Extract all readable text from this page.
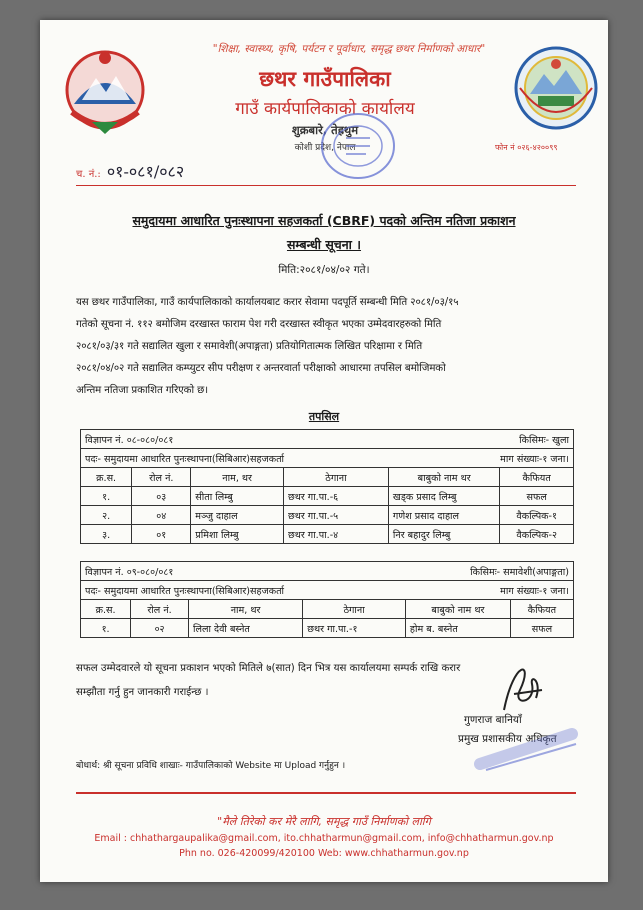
"शिक्षा, स्वास्थ्य, कृषि, पर्यटन र पूर्वाधार, समृद्ध छथर निर्माणको आधार"
छथर गाउँपालिका
गाउँ कार्यपालिकाको कार्यालय
शुक्रबारे, तेह्रथुम
कोशी प्रदेश, नेपाल	फोन नं ०२६-४२००९९
च. नं.: ०१-०८१/०८२
समुदायमा आधारित पुनःस्थापना सहजकर्ता (CBRF) पदको अन्तिम नतिजा प्रकाशन
सम्बन्धी सूचना ।
मिति:२०८१/०४/०२ गते।
यस छथर गाउँपालिका, गाउँ कार्यपालिकाको कार्यालयबाट करार सेवामा पदपूर्ति सम्बन्धी मिति २०८१/०३/१५
गतेको सूचना नं. ११२ बमोजिम दरखास्त फाराम पेश गरी दरखास्त स्वीकृत भएका उम्मेदवारहरुको मिति
२०८१/०३/३१ गते सद्यालित खुला र समावेशी(अपाङ्गता) प्रतियोगितात्मक लिखित परिक्षामा र मिति
२०८१/०४/०२ गते सद्यालित कम्प्युटर सीप परीक्षण र अन्तरवार्ता परीक्षाको आधारमा तपसिल बमोजिमको
अन्तिम नतिजा प्रकाशित गरिएको छ।
तपसिल
विज्ञापन नं. ०८-०८०/०८१				किसिमः- खुला	
पदः- समुदायमा आधारित पुनःस्थापना(सिबिआर)सहजकर्ता				माग संख्याः-१ जना।	
क्र.स.	रोल नं.	नाम, थर	ठेगाना	बाबुको नाम थर	कैफियत
१.	०३	सीता लिम्बु	छथर गा.पा.-६	खड्क प्रसाद लिम्बु	सफल
२.	०४	मञ्जु दाहाल	छथर गा.पा.-५	गणेश प्रसाद दाहाल	वैकल्पिक-१
३.	०१	प्रमिशा लिम्बु	छथर गा.पा.-४	निर बहादुर लिम्बु	वैकल्पिक-२
विज्ञापन नं. ०९-०८०/०८१				किसिमः- समावेशी(अपाङ्गता)	
पदः- समुदायमा आधारित पुनःस्थापना(सिबिआर)सहजकर्ता				माग संख्याः-१ जना।	
क्र.स.	रोल नं.	नाम, थर	ठेगाना	बाबुको नाम थर	कैफियत
१.	०२	लिला देवी बस्नेत	छथर गा.पा.-१	होम ब. बस्नेत	सफल
सफल उम्मेदवारले यो सूचना प्रकाशन भएको मितिले ७(सात) दिन भित्र यस कार्यालयमा सम्पर्क राखि करार
सम्झौता गर्नु हुन जानकारी गराईन्छ ।
गुणराज बानियाँ
प्रमुख प्रशासकीय अधिकृत
बोधार्थ: श्री सूचना प्रविधि शाखाः- गाउँपालिकाको Website मा Upload गर्नुहुन ।
"मैले तिरेको कर मेरै लागि, समृद्ध गाउँ निर्माणको लागि
Email : chhathargaupalika@gmail.com, ito.chhatharmun@gmail.com, info@chhatharmun.gov.np
Phn no. 026-420099/420100 Web: www.chhatharmun.gov.np
